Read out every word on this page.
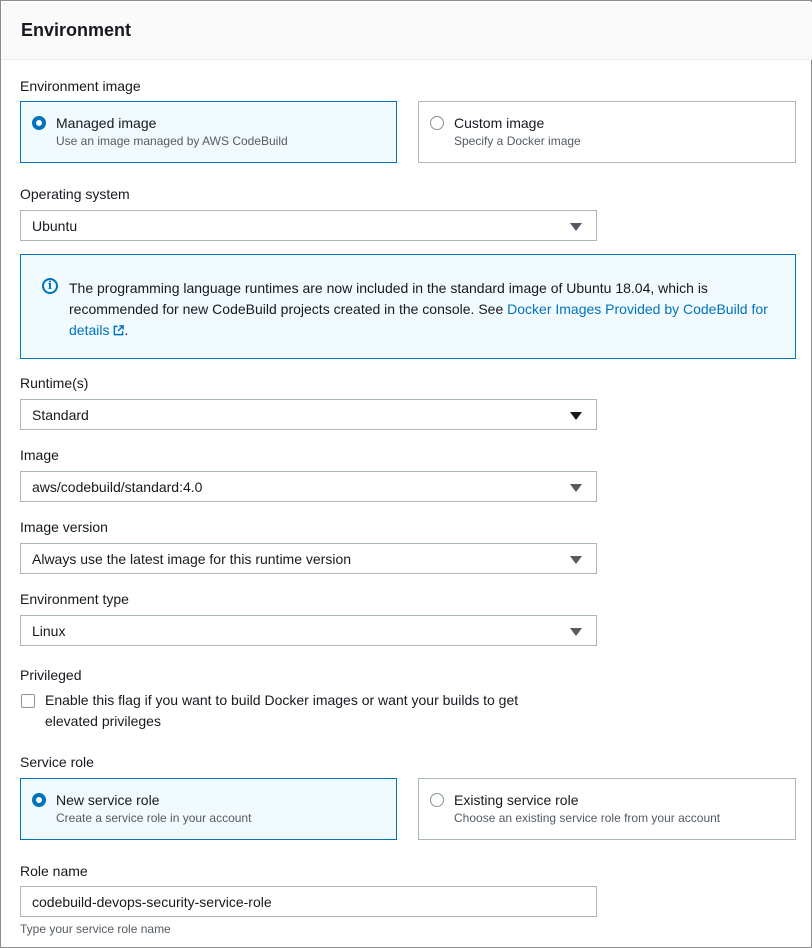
Environment
Environment image
Managed image
Use an image managed by AWS CodeBuild
Custom image
Specify a Docker image
Operating system
Ubuntu
i	The programming language runtimes are now included in the standard image of Ubuntu 18.04, which is recommended for new CodeBuild projects created in the console. See Docker Images Provided by CodeBuild for details .
Runtime(s)
Standard
Image
aws/codebuild/standard:4.0
Image version
Always use the latest image for this runtime version
Environment type
Linux
Privileged
Enable this flag if you want to build Docker images or want your builds to get elevated privileges
Service role
New service role
Create a service role in your account
Existing service role
Choose an existing service role from your account
Role name
codebuild-devops-security-service-role
Type your service role name
